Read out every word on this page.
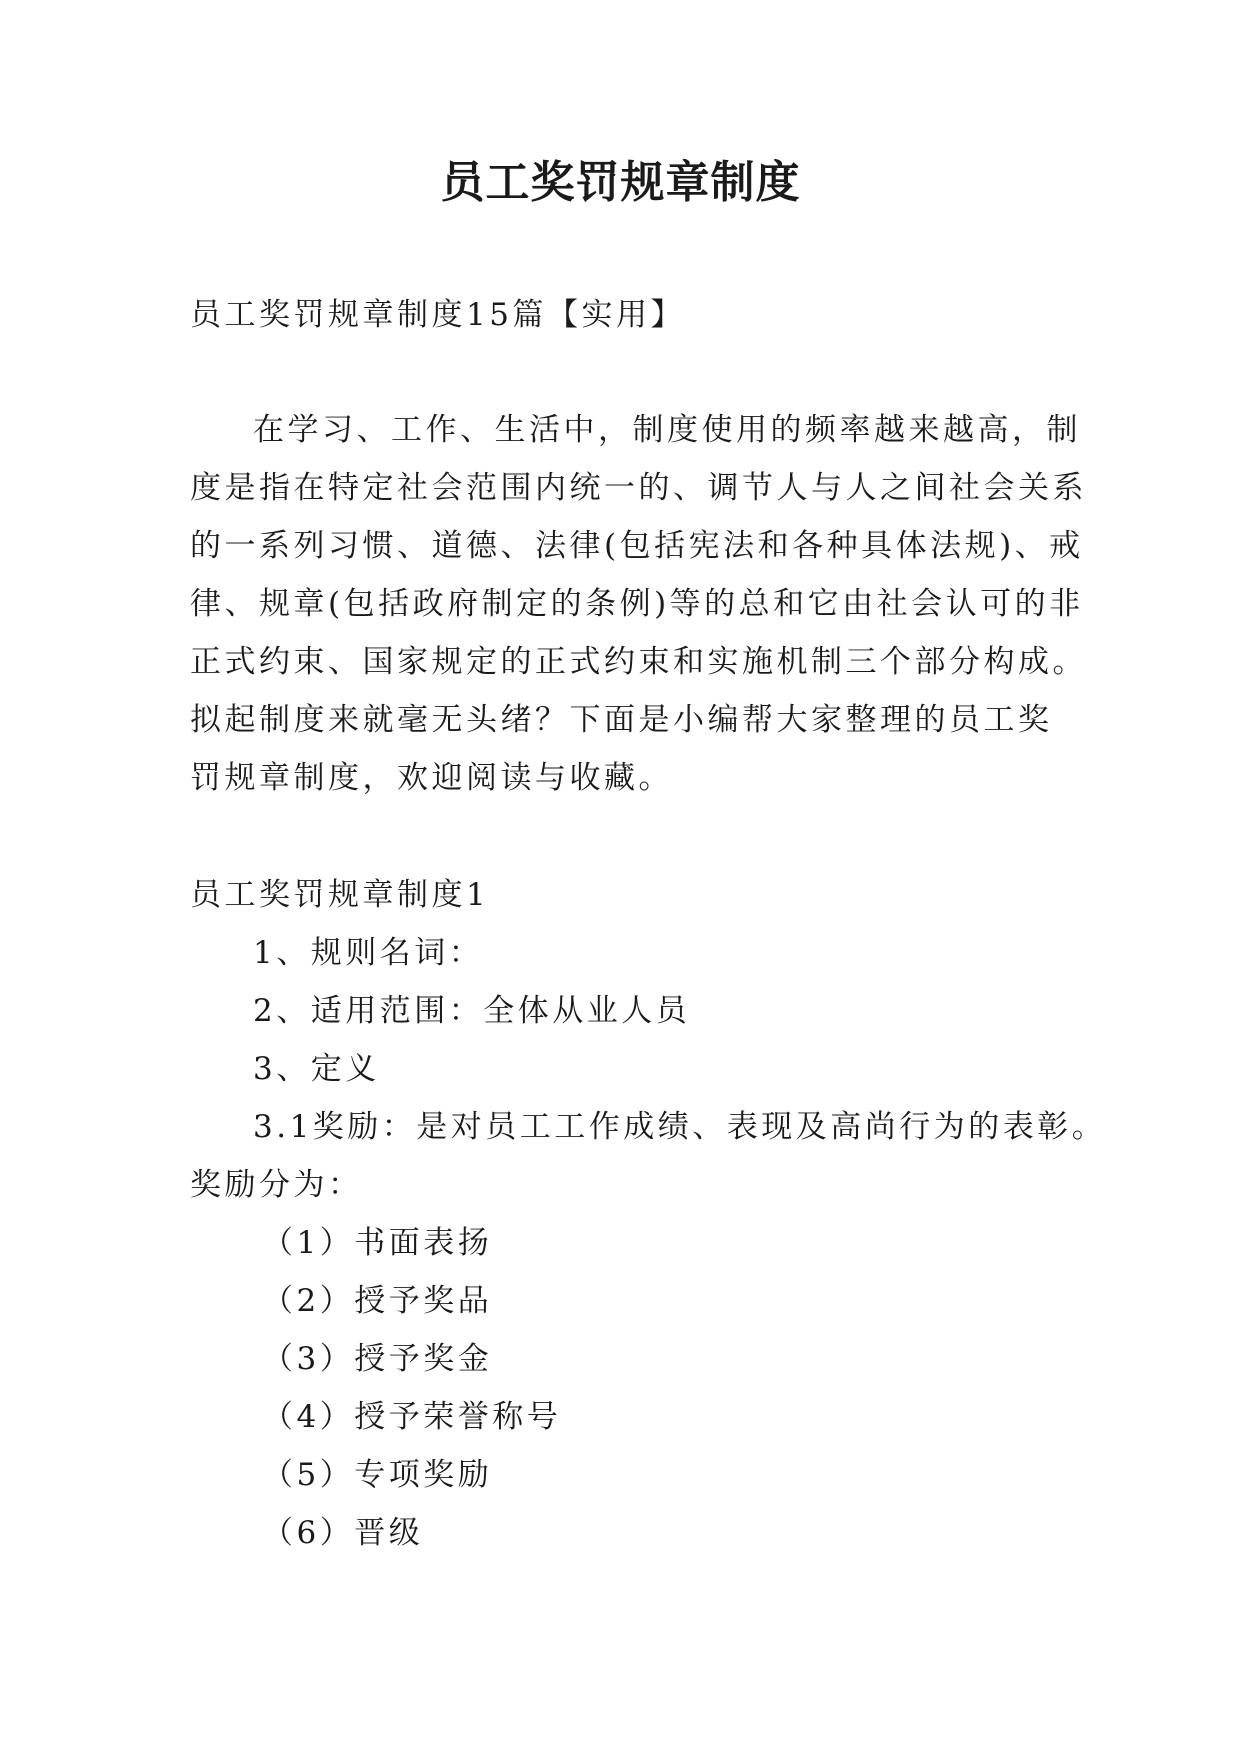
员工奖罚规章制度
员工奖罚规章制度15篇【实用】
在学习、工作、生活中，制度使用的频率越来越高，制
度是指在特定社会范围内统一的、调节人与人之间社会关系
的一系列习惯、道德、法律(包括宪法和各种具体法规)、戒
律、规章(包括政府制定的条例)等的总和它由社会认可的非
正式约束、国家规定的正式约束和实施机制三个部分构成。
拟起制度来就毫无头绪？下面是小编帮大家整理的员工奖
罚规章制度，欢迎阅读与收藏。
员工奖罚规章制度1
1、规则名词：
2、适用范围：全体从业人员
3、定义
3.1奖励：是对员工工作成绩、表现及高尚行为的表彰。
奖励分为：
（1）书面表扬
（2）授予奖品
（3）授予奖金
（4）授予荣誉称号
（5）专项奖励
（6）晋级
